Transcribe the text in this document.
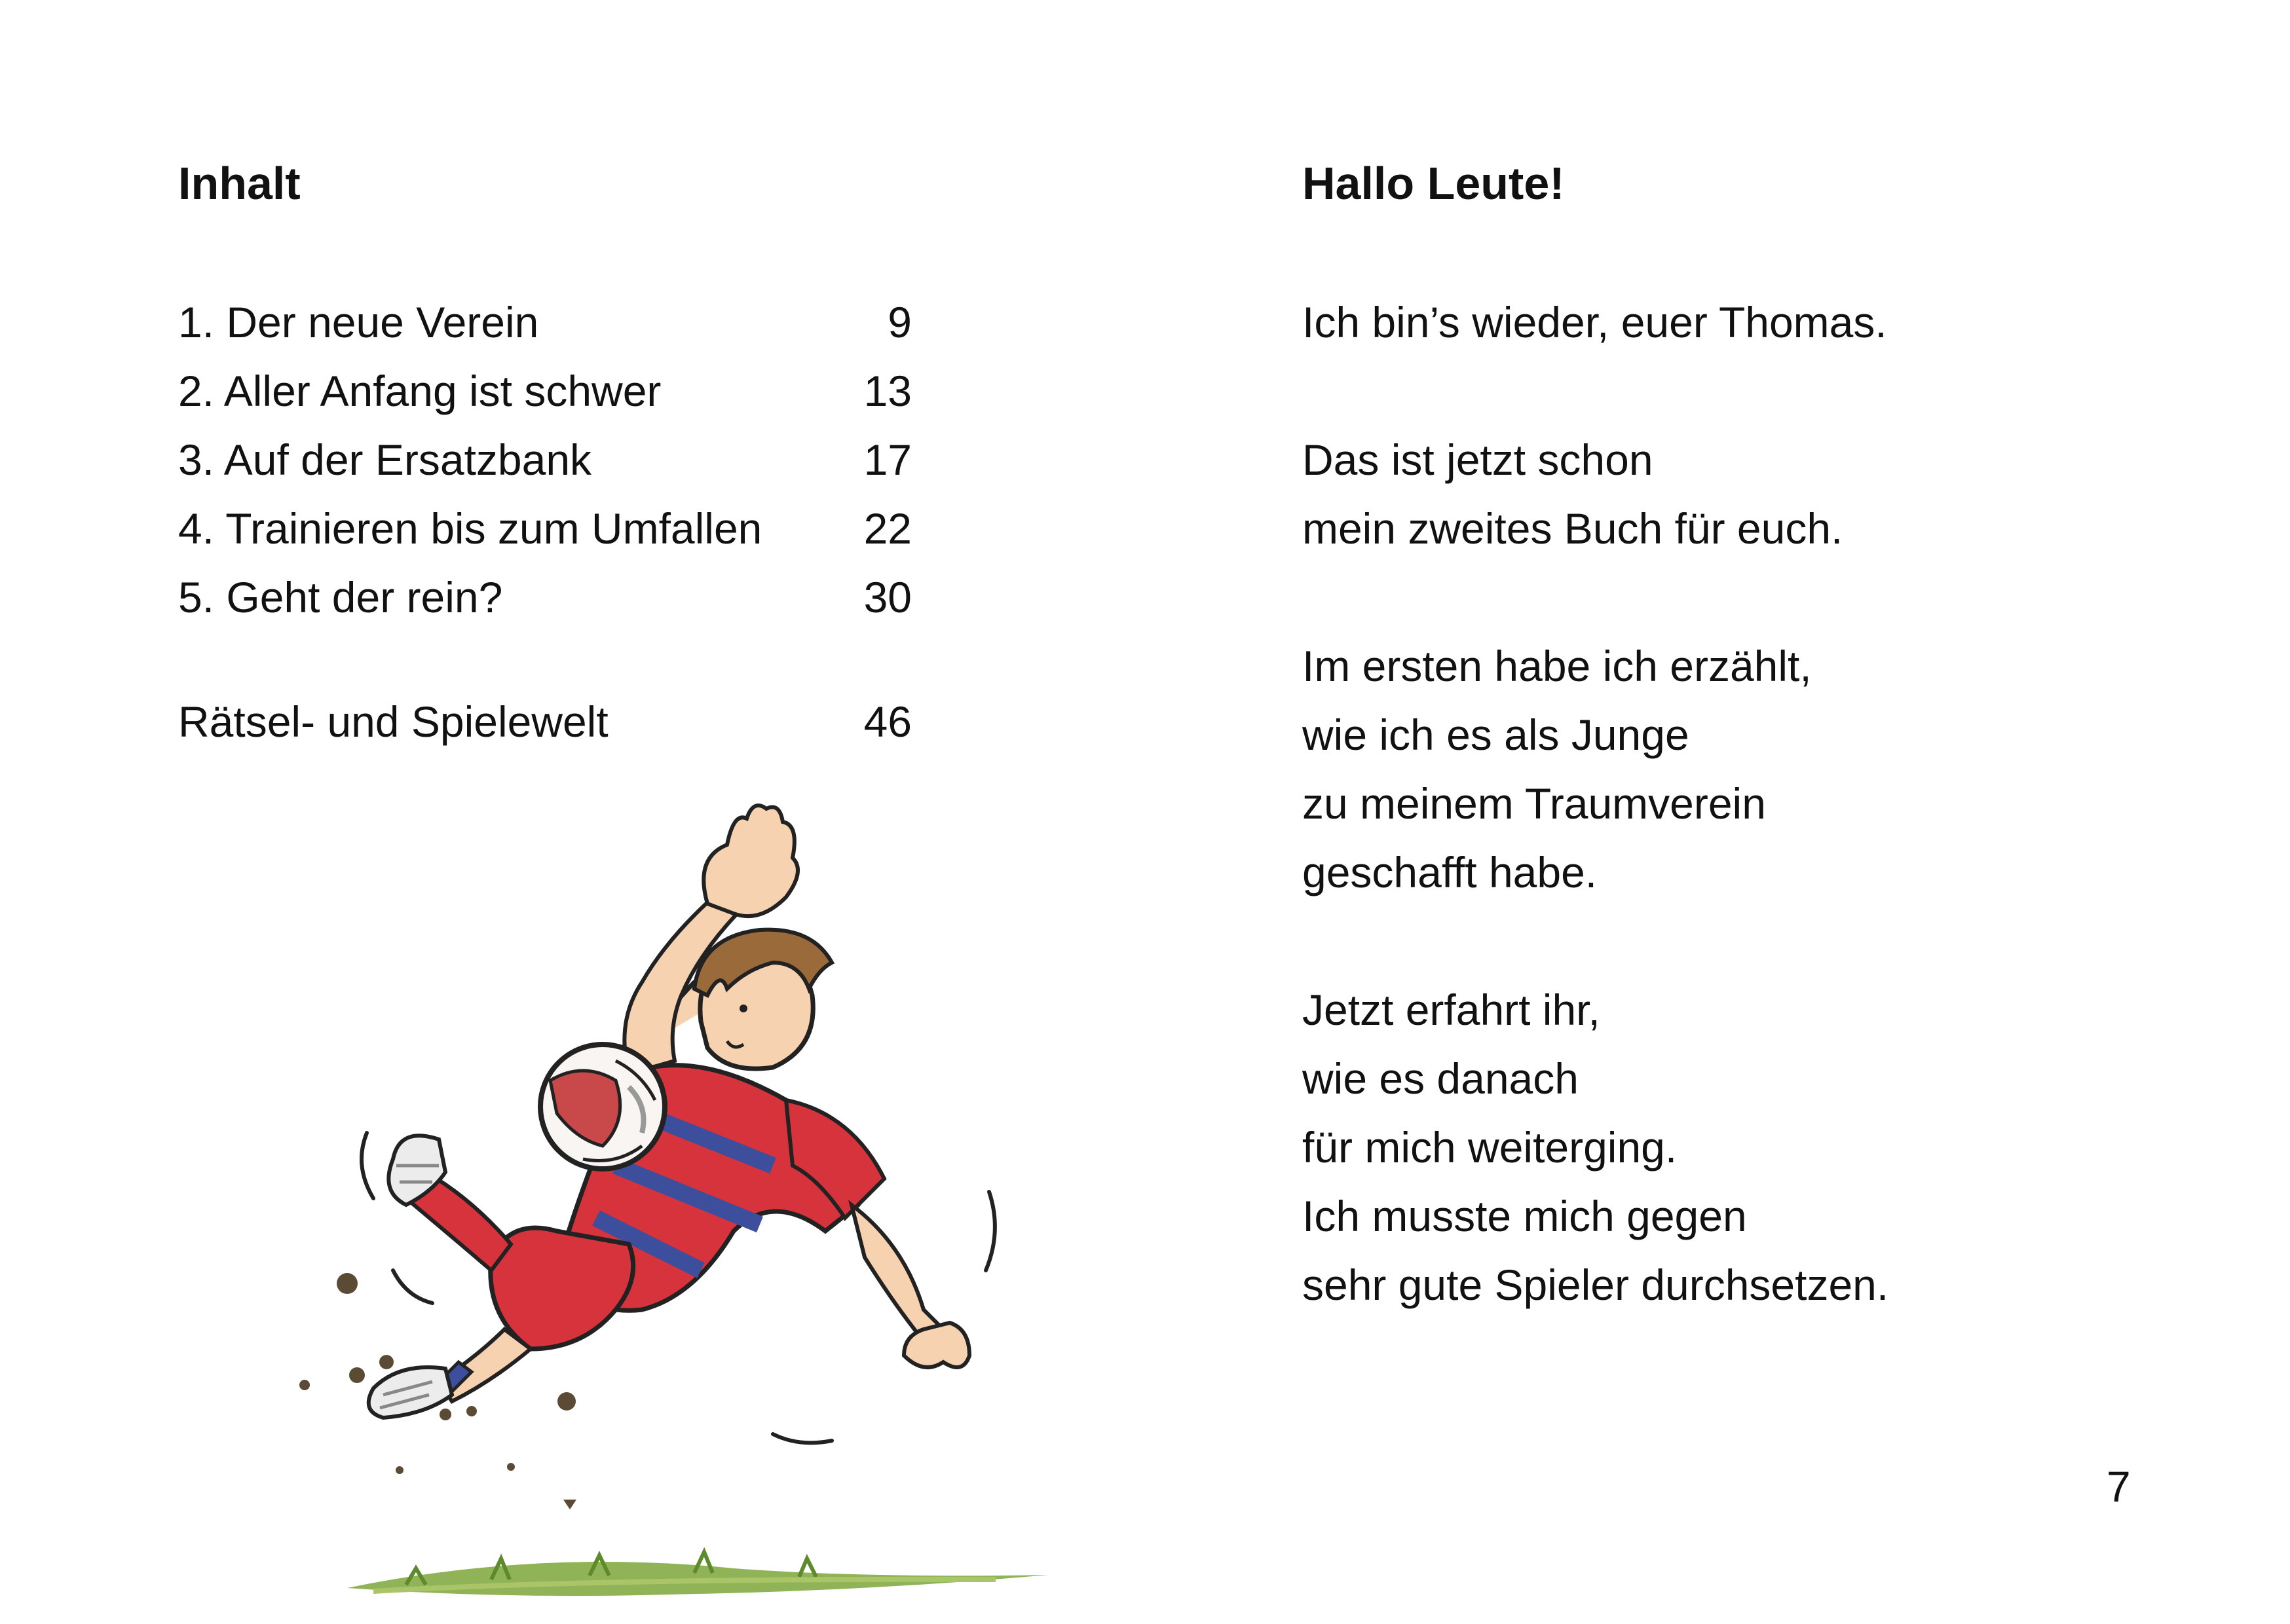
Inhalt
1. Der neue Verein	9
2. Aller Anfang ist schwer	13
3. Auf der Ersatzbank	17
4. Trainieren bis zum Umfallen 22
5. Geht der rein?	30
Rätsel- und Spielewelt	46
Hallo Leute!
Ich bin’s wieder, euer Thomas.
Das ist jetzt schon
mein zweites Buch für euch.
Im ersten habe ich erzählt,
wie ich es als Junge
zu meinem Traumverein
geschafft habe.
Jetzt erfahrt ihr,
wie es danach
für mich weiterging.
Ich musste mich gegen
sehr gute Spieler durchsetzen.
7
